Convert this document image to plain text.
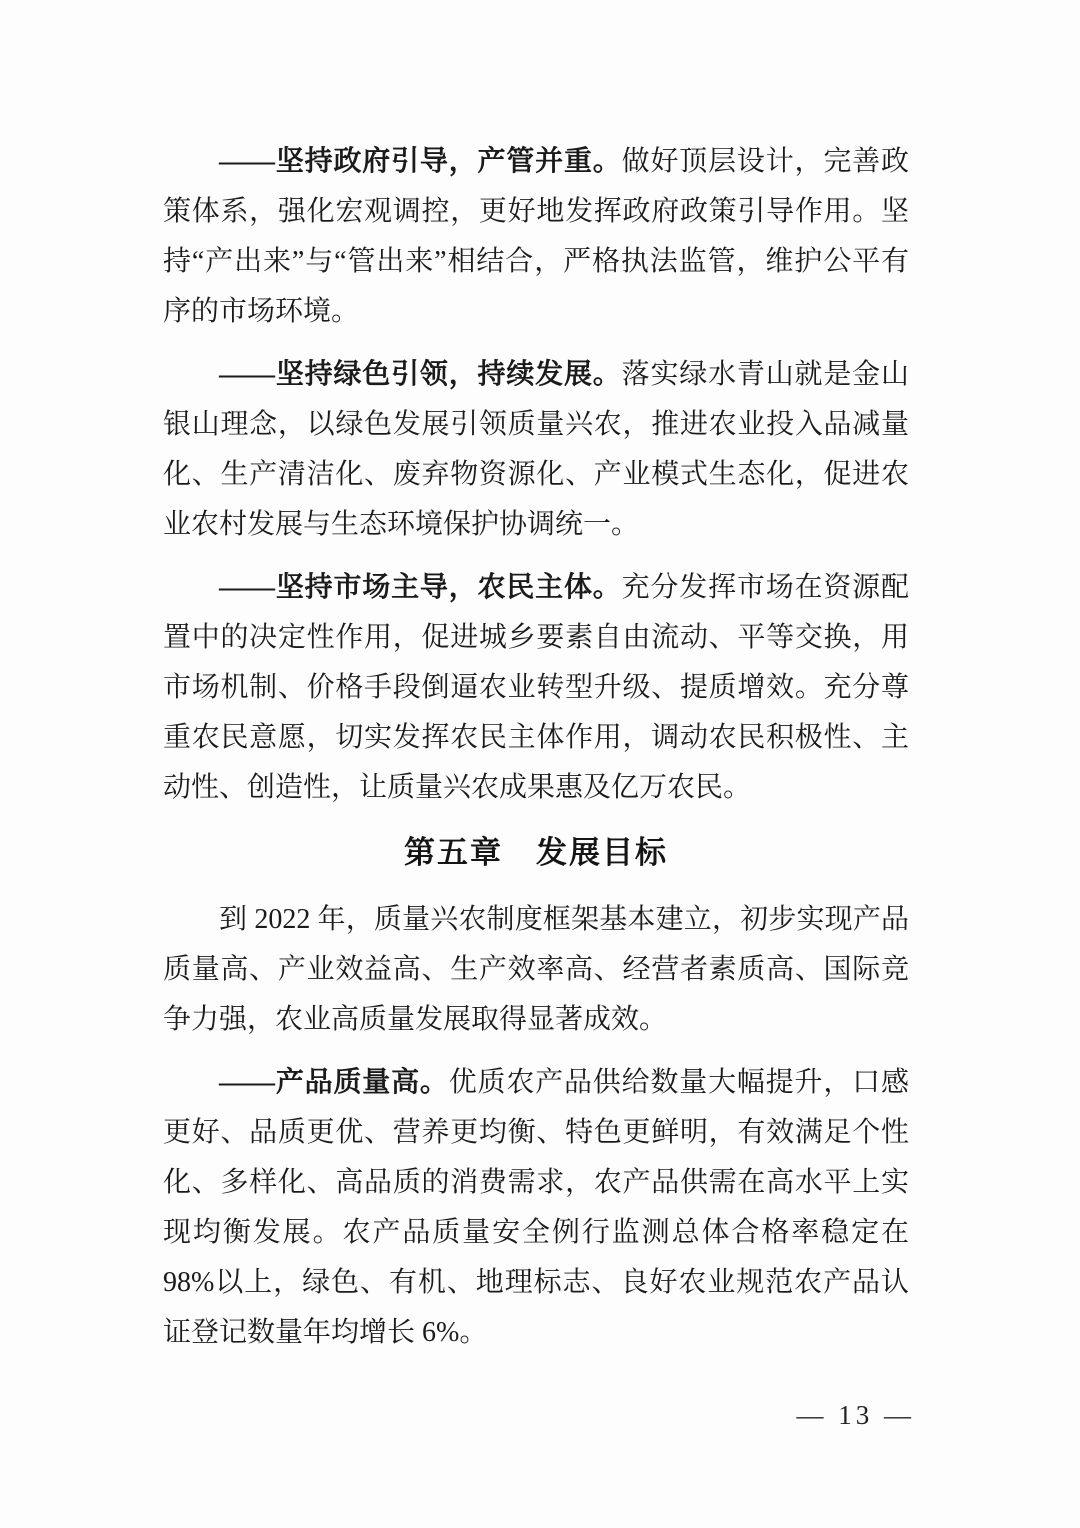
——坚持政府引导，产管并重。做好顶层设计，完善政策体系，强化宏观调控，更好地发挥政府政策引导作用。坚持“产出来”与“管出来”相结合，严格执法监管，维护公平有序的市场环境。

——坚持绿色引领，持续发展。落实绿水青山就是金山银山理念，以绿色发展引领质量兴农，推进农业投入品减量化、生产清洁化、废弃物资源化、产业模式生态化，促进农业农村发展与生态环境保护协调统一。

——坚持市场主导，农民主体。充分发挥市场在资源配置中的决定性作用，促进城乡要素自由流动、平等交换，用市场机制、价格手段倒逼农业转型升级、提质增效。充分尊重农民意愿，切实发挥农民主体作用，调动农民积极性、主动性、创造性，让质量兴农成果惠及亿万农民。

第五章　发展目标

到 2022 年，质量兴农制度框架基本建立，初步实现产品质量高、产业效益高、生产效率高、经营者素质高、国际竞争力强，农业高质量发展取得显著成效。

——产品质量高。优质农产品供给数量大幅提升，口感更好、品质更优、营养更均衡、特色更鲜明，有效满足个性化、多样化、高品质的消费需求，农产品供需在高水平上实现均衡发展。农产品质量安全例行监测总体合格率稳定在 98%以上，绿色、有机、地理标志、良好农业规范农产品认证登记数量年均增长 6%。

— 13 —
